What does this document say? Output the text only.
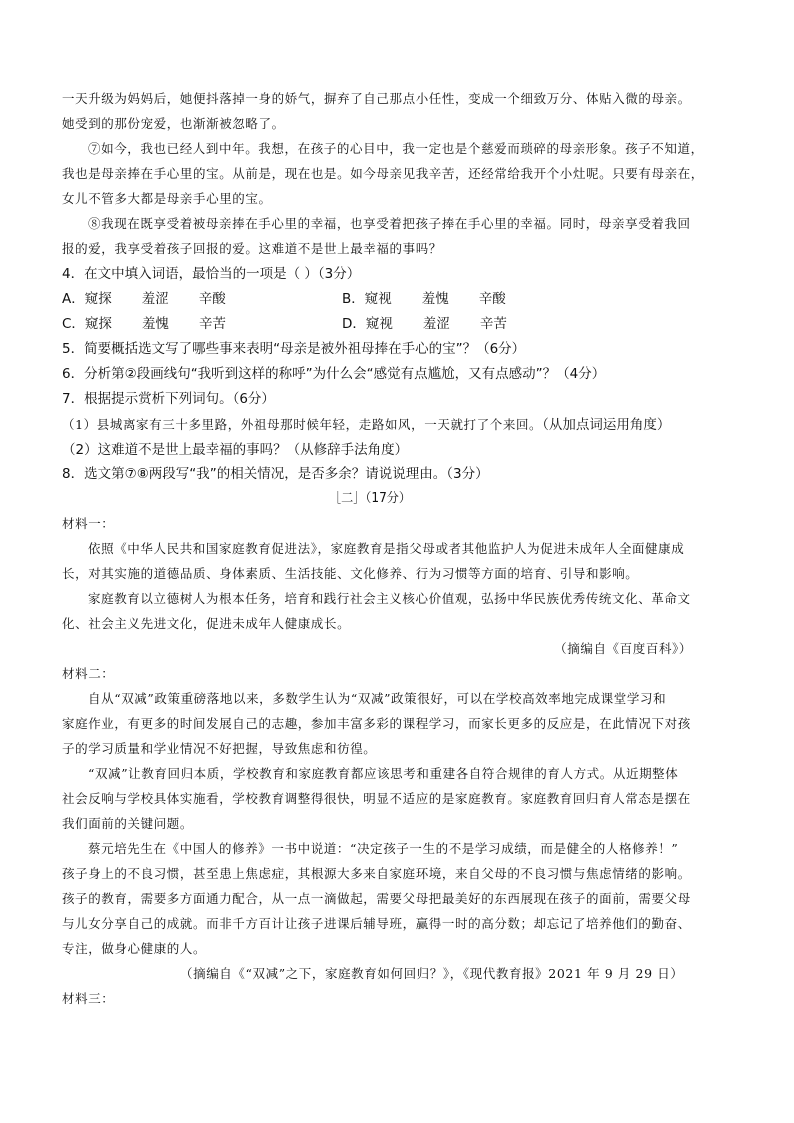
一天升级为妈妈后，她便抖落掉一身的娇气，摒弃了自己那点小任性，变成一个细致万分、体贴入微的母亲。
她受到的那份宠爱，也渐渐被忽略了。
⑦如今，我也已经人到中年。我想，在孩子的心目中，我一定也是个慈爱而琐碎的母亲形象。孩子不知道，
我也是母亲捧在手心里的宝。从前是，现在也是。如今母亲见我辛苦，还经常给我开个小灶呢。只要有母亲在，
女儿不管多大都是母亲手心里的宝。
⑧我现在既享受着被母亲捧在手心里的幸福，也享受着把孩子捧在手心里的幸福。同时，母亲享受着我回
报的爱，我享受着孩子回报的爱。这难道不是世上最幸福的事吗？
4．在文中填入词语，最恰当的一项是（ ）（3分）
A．窥探 羞涩 辛酸	B．窥视 羞愧 辛酸
C．窥探 羞愧 辛苦	D．窥视 羞涩 辛苦
5．简要概括选文写了哪些事来表明“母亲是被外祖母捧在手心的宝”？（6分）
6．分析第②段画线句“我听到这样的称呼”为什么会“感觉有点尴尬，又有点感动”？（4分）
7．根据提示赏析下列词句。（6分）
（1）县城离家有三十多里路，外祖母那时候年轻，走路如风，一天就打了个来回。（从加点词运用角度）
（2）这难道不是世上最幸福的事吗？（从修辞手法角度）
8．选文第⑦⑧两段写“我”的相关情况，是否多余？请说说理由。（3分）
［二］（17分）
材料一：
依照《中华人民共和国家庭教育促进法》，家庭教育是指父母或者其他监护人为促进未成年人全面健康成
长，对其实施的道德品质、身体素质、生活技能、文化修养、行为习惯等方面的培育、引导和影响。
家庭教育以立德树人为根本任务，培育和践行社会主义核心价值观，弘扬中华民族优秀传统文化、革命文
化、社会主义先进文化，促进未成年人健康成长。
（摘编自《百度百科》）
材料二：
自从“双减”政策重磅落地以来，多数学生认为“双减”政策很好，可以在学校高效率地完成课堂学习和
家庭作业，有更多的时间发展自己的志趣，参加丰富多彩的课程学习，而家长更多的反应是，在此情况下对孩
子的学习质量和学业情况不好把握，导致焦虑和彷徨。
“双减”让教育回归本质，学校教育和家庭教育都应该思考和重建各自符合规律的育人方式。从近期整体
社会反响与学校具体实施看，学校教育调整得很快，明显不适应的是家庭教育。家庭教育回归育人常态是摆在
我们面前的关键问题。
蔡元培先生在《中国人的修养》一书中说道：“决定孩子一生的不是学习成绩，而是健全的人格修养！”
孩子身上的不良习惯，甚至患上焦虑症，其根源大多来自家庭环境，来自父母的不良习惯与焦虑情绪的影响。
孩子的教育，需要多方面通力配合，从一点一滴做起，需要父母把最美好的东西展现在孩子的面前，需要父母
与儿女分享自己的成就。而非千方百计让孩子进课后辅导班，赢得一时的高分数；却忘记了培养他们的勤奋、
专注，做身心健康的人。
（摘编自《“双减”之下，家庭教育如何回归？》，《现代教育报》2021 年 9 月 29 日）
材料三：
